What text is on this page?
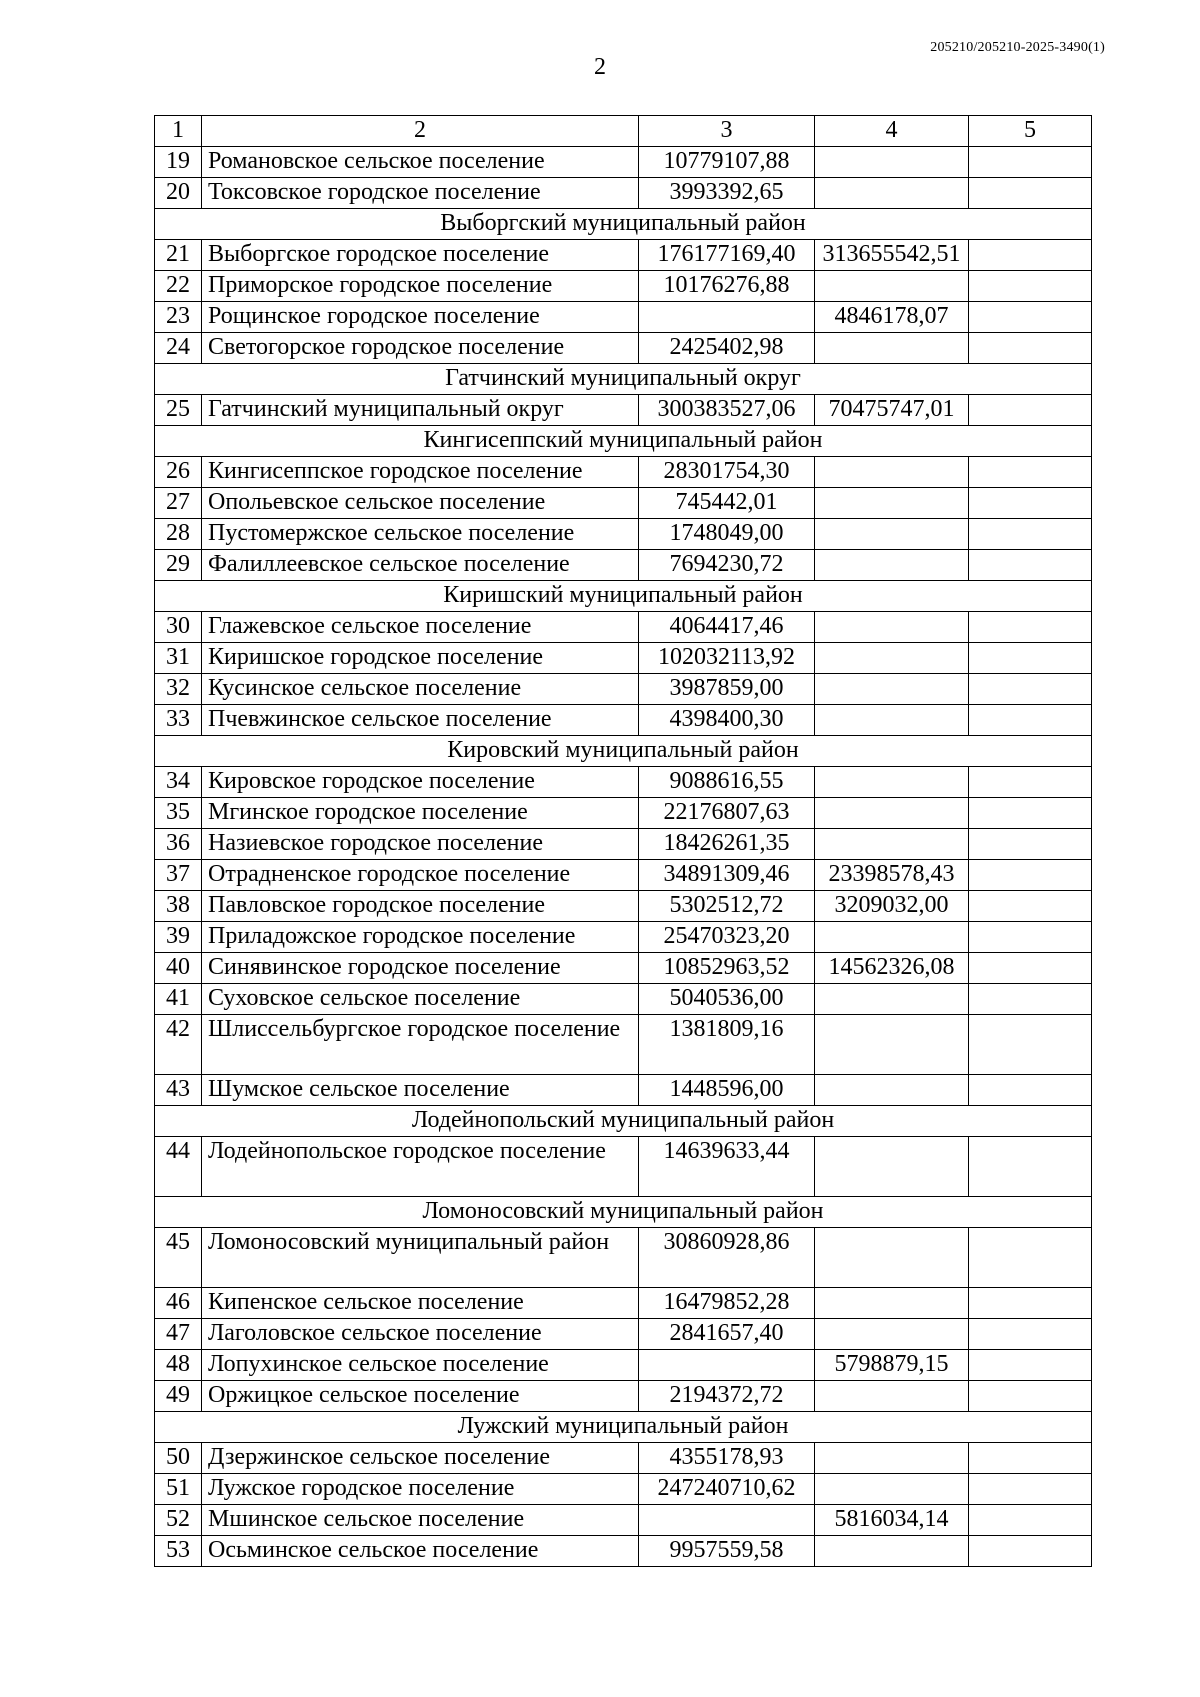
205210/205210-2025-3490(1)
2
1	2	3	4	5
19	Романовское сельское поселение	10779107,88		
20	Токсовское городское поселение	3993392,65		
Выборгский муниципальный район				
21	Выборгское городское поселение	176177169,40	313655542,51	
22	Приморское городское поселение	10176276,88		
23	Рощинское городское поселение		4846178,07	
24	Светогорское городское поселение	2425402,98		
Гатчинский муниципальный округ				
25	Гатчинский муниципальный округ	300383527,06	70475747,01	
Кингисеппский муниципальный район				
26	Кингисеппское городское поселение	28301754,30		
27	Опольевское сельское поселение	745442,01		
28	Пустомержское сельское поселение	1748049,00		
29	Фалиллеевское сельское поселение	7694230,72		
Киришский муниципальный район				
30	Глажевское сельское поселение	4064417,46		
31	Киришское городское поселение	102032113,92		
32	Кусинское сельское поселение	3987859,00		
33	Пчевжинское сельское поселение	4398400,30		
Кировский муниципальный район				
34	Кировское городское поселение	9088616,55		
35	Мгинское городское поселение	22176807,63		
36	Назиевское городское поселение	18426261,35		
37	Отрадненское городское поселение	34891309,46	23398578,43	
38	Павловское городское поселение	5302512,72	3209032,00	
39	Приладожское городское поселение	25470323,20		
40	Синявинское городское поселение	10852963,52	14562326,08	
41	Суховское сельское поселение	5040536,00		
42	Шлиссельбургское городское поселение	1381809,16		
43	Шумское сельское поселение	1448596,00		
Лодейнопольский муниципальный район				
44	Лодейнопольское городское поселение	14639633,44		
Ломоносовский муниципальный район				
45	Ломоносовский муниципальный район	30860928,86		
46	Кипенское сельское поселение	16479852,28		
47	Лаголовское сельское поселение	2841657,40		
48	Лопухинское сельское поселение		5798879,15	
49	Оржицкое сельское поселение	2194372,72		
Лужский муниципальный район				
50	Дзержинское сельское поселение	4355178,93		
51	Лужское городское поселение	247240710,62		
52	Мшинское сельское поселение		5816034,14	
53	Осьминское сельское поселение	9957559,58		
